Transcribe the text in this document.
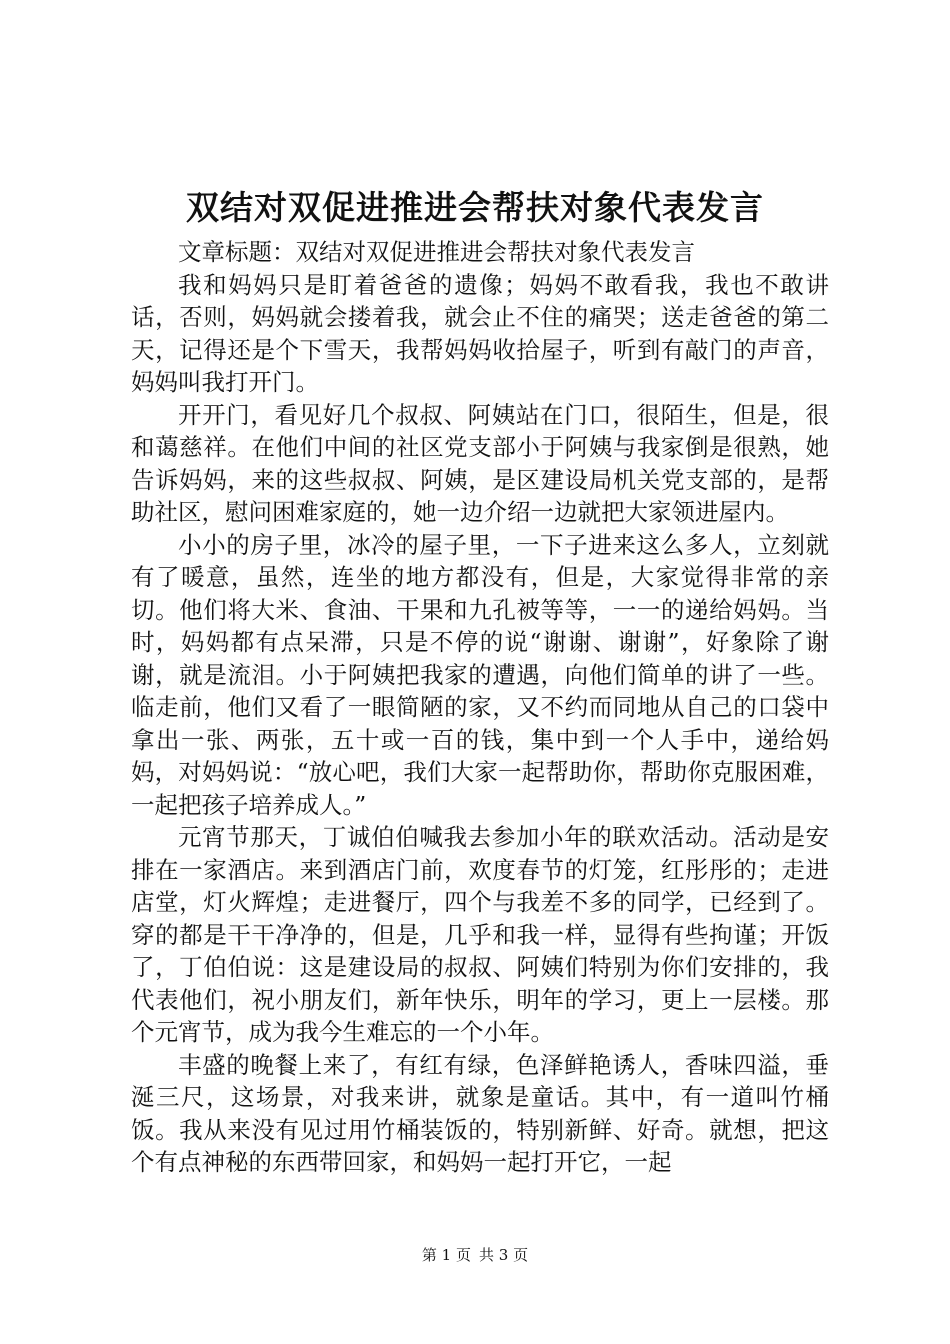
双结对双促进推进会帮扶对象代表发言

文章标题：双结对双促进推进会帮扶对象代表发言

我和妈妈只是盯着爸爸的遗像；妈妈不敢看我，我也不敢讲话，否则，妈妈就会搂着我，就会止不住的痛哭；送走爸爸的第二天，记得还是个下雪天，我帮妈妈收拾屋子，听到有敲门的声音，妈妈叫我打开门。

开开门，看见好几个叔叔、阿姨站在门口，很陌生，但是，很和蔼慈祥。在他们中间的社区党支部小于阿姨与我家倒是很熟，她告诉妈妈，来的这些叔叔、阿姨，是区建设局机关党支部的，是帮助社区，慰问困难家庭的，她一边介绍一边就把大家领进屋内。

小小的房子里，冰冷的屋子里，一下子进来这么多人，立刻就有了暖意，虽然，连坐的地方都没有，但是，大家觉得非常的亲切。他们将大米、食油、干果和九孔被等等，一一的递给妈妈。当时，妈妈都有点呆滞，只是不停的说“谢谢、谢谢”，好象除了谢谢，就是流泪。小于阿姨把我家的遭遇，向他们简单的讲了一些。临走前，他们又看了一眼简陋的家，又不约而同地从自己的口袋中拿出一张、两张，五十或一百的钱，集中到一个人手中，递给妈妈，对妈妈说：“放心吧，我们大家一起帮助你，帮助你克服困难，一起把孩子培养成人。”

元宵节那天，丁诚伯伯喊我去参加小年的联欢活动。活动是安排在一家酒店。来到酒店门前，欢度春节的灯笼，红彤彤的；走进店堂，灯火辉煌；走进餐厅，四个与我差不多的同学，已经到了。穿的都是干干净净的，但是，几乎和我一样，显得有些拘谨；开饭了，丁伯伯说：这是建设局的叔叔、阿姨们特别为你们安排的，我代表他们，祝小朋友们，新年快乐，明年的学习，更上一层楼。那个元宵节，成为我今生难忘的一个小年。

丰盛的晚餐上来了，有红有绿，色泽鲜艳诱人，香味四溢，垂涎三尺，这场景，对我来讲，就象是童话。其中，有一道叫竹桶饭。我从来没有见过用竹桶装饭的，特别新鲜、好奇。就想，把这个有点神秘的东西带回家，和妈妈一起打开它，一起

第 1 页 共 3 页
